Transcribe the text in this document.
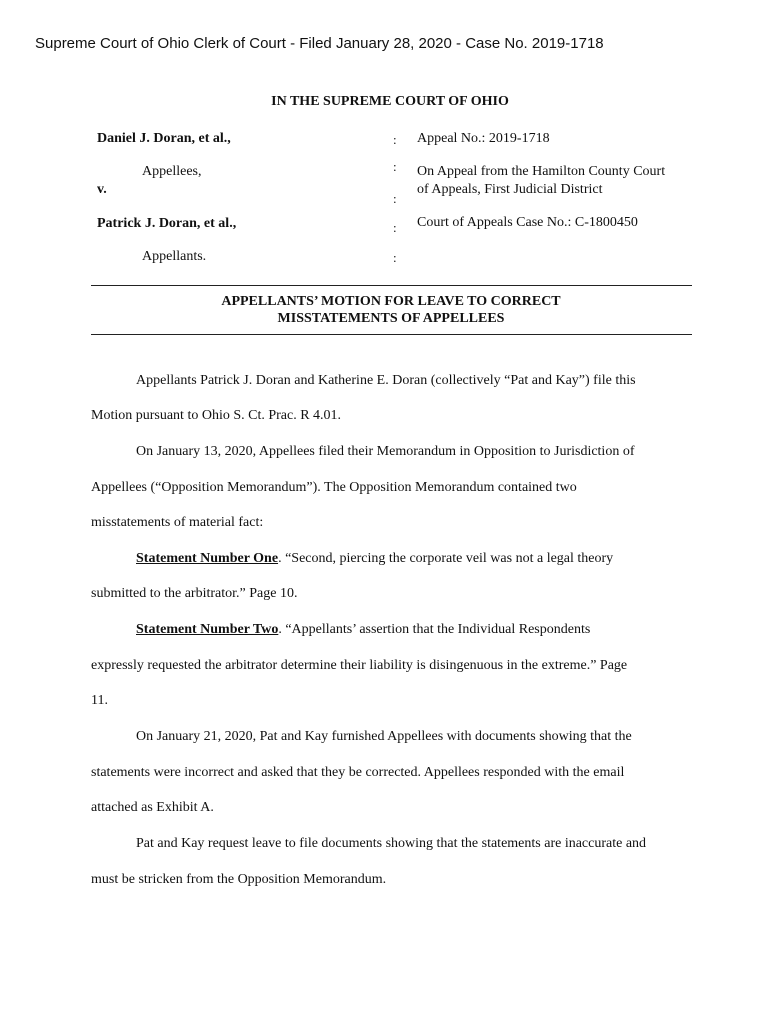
Supreme Court of Ohio Clerk of Court - Filed January 28, 2020 - Case No. 2019-1718
IN THE SUPREME COURT OF OHIO
Daniel J. Doran, et al.,
Appellees,
v.
Patrick J. Doran, et al.,
Appellants.
:
:
:
:
:
Appeal No.: 2019-1718
On Appeal from the Hamilton County Court
of Appeals, First Judicial District
Court of Appeals Case No.: C-1800450
APPELLANTS’ MOTION FOR LEAVE TO CORRECT
MISSTATEMENTS OF APPELLEES
Appellants Patrick J. Doran and Katherine E. Doran (collectively “Pat and Kay”) file this
Motion pursuant to Ohio S. Ct. Prac. R 4.01.
On January 13, 2020, Appellees filed their Memorandum in Opposition to Jurisdiction of
Appellees (“Opposition Memorandum”). The Opposition Memorandum contained two
misstatements of material fact:
Statement Number One. “Second, piercing the corporate veil was not a legal theory
submitted to the arbitrator.” Page 10.
Statement Number Two. “Appellants’ assertion that the Individual Respondents
expressly requested the arbitrator determine their liability is disingenuous in the extreme.” Page
11.
On January 21, 2020, Pat and Kay furnished Appellees with documents showing that the
statements were incorrect and asked that they be corrected. Appellees responded with the email
attached as Exhibit A.
Pat and Kay request leave to file documents showing that the statements are inaccurate and
must be stricken from the Opposition Memorandum.
